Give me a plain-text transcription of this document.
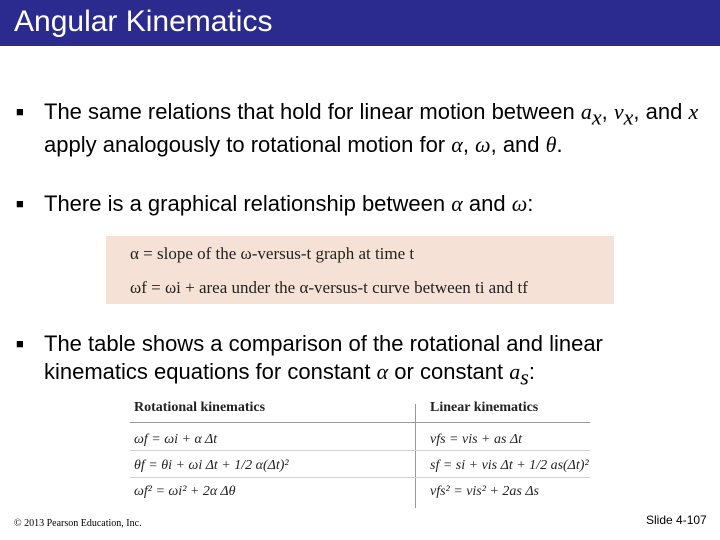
Angular Kinematics
■ The same relations that hold for linear motion between $a_x$, $v_x$, and x apply analogously to rotational motion for α, ω, and θ.
■ There is a graphical relationship between α and ω:
α = slope of the ω-versus-t graph at time t
ωf = ωi + area under the α-versus-t curve between ti and tf
■ The table shows a comparison of the rotational and linear kinematics equations for constant α or constant $a_s$:
Rotational kinematics	Linear kinematics
ωf = ωi + α Δt	vfs = vis + as Δt
θf = θi + ωi Δt + 1/2 α(Δt)²	sf = si + vis Δt + 1/2 as(Δt)²
ωf² = ωi² + 2α Δθ	vfs² = vis² + 2as Δs
© 2013 Pearson Education, Inc.	Slide 4-107
